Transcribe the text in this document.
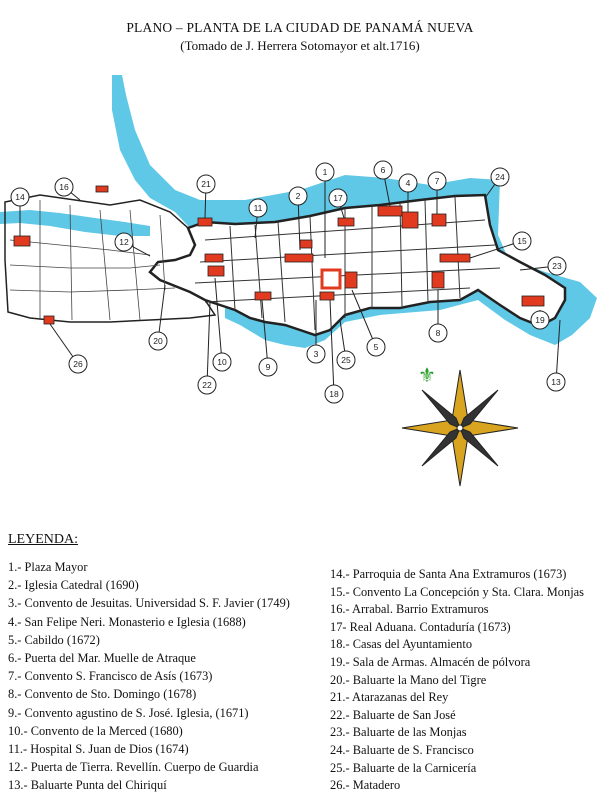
PLANO – PLANTA DE LA CIUDAD DE PANAMÁ NUEVA
(Tomado de J. Herrera Sotomayor et alt.1716)
1
2
3
4
5
6
7
8
9
10
11
12
13
14
15
16
17
18
19
20
21
22
23
24
25
26
⚜
LEYENDA:
1.- Plaza Mayor
2.- Iglesia Catedral (1690)
3.- Convento de Jesuitas. Universidad S. F. Javier (1749)
4.- San Felipe Neri. Monasterio e Iglesia (1688)
5.- Cabildo (1672)
6.- Puerta del Mar. Muelle de Atraque
7.- Convento S. Francisco de Asís (1673)
8.- Convento de Sto. Domingo (1678)
9.- Convento agustino de S. José. Iglesia, (1671)
10.- Convento de la Merced (1680)
11.- Hospital S. Juan de Dios (1674)
12.- Puerta de Tierra. Revellín. Cuerpo de Guardia
13.- Baluarte Punta del Chiriquí
14.- Parroquia de Santa Ana Extramuros (1673)
15.- Convento La Concepción y Sta. Clara. Monjas
16.- Arrabal. Barrio Extramuros
17- Real Aduana. Contaduría (1673)
18.- Casas del Ayuntamiento
19.- Sala de Armas. Almacén de pólvora
20.- Baluarte la Mano del Tigre
21.- Atarazanas del Rey
22.- Baluarte de San José
23.- Baluarte de las Monjas
24.- Baluarte de S. Francisco
25.- Baluarte de la Carnicería
26.- Matadero
